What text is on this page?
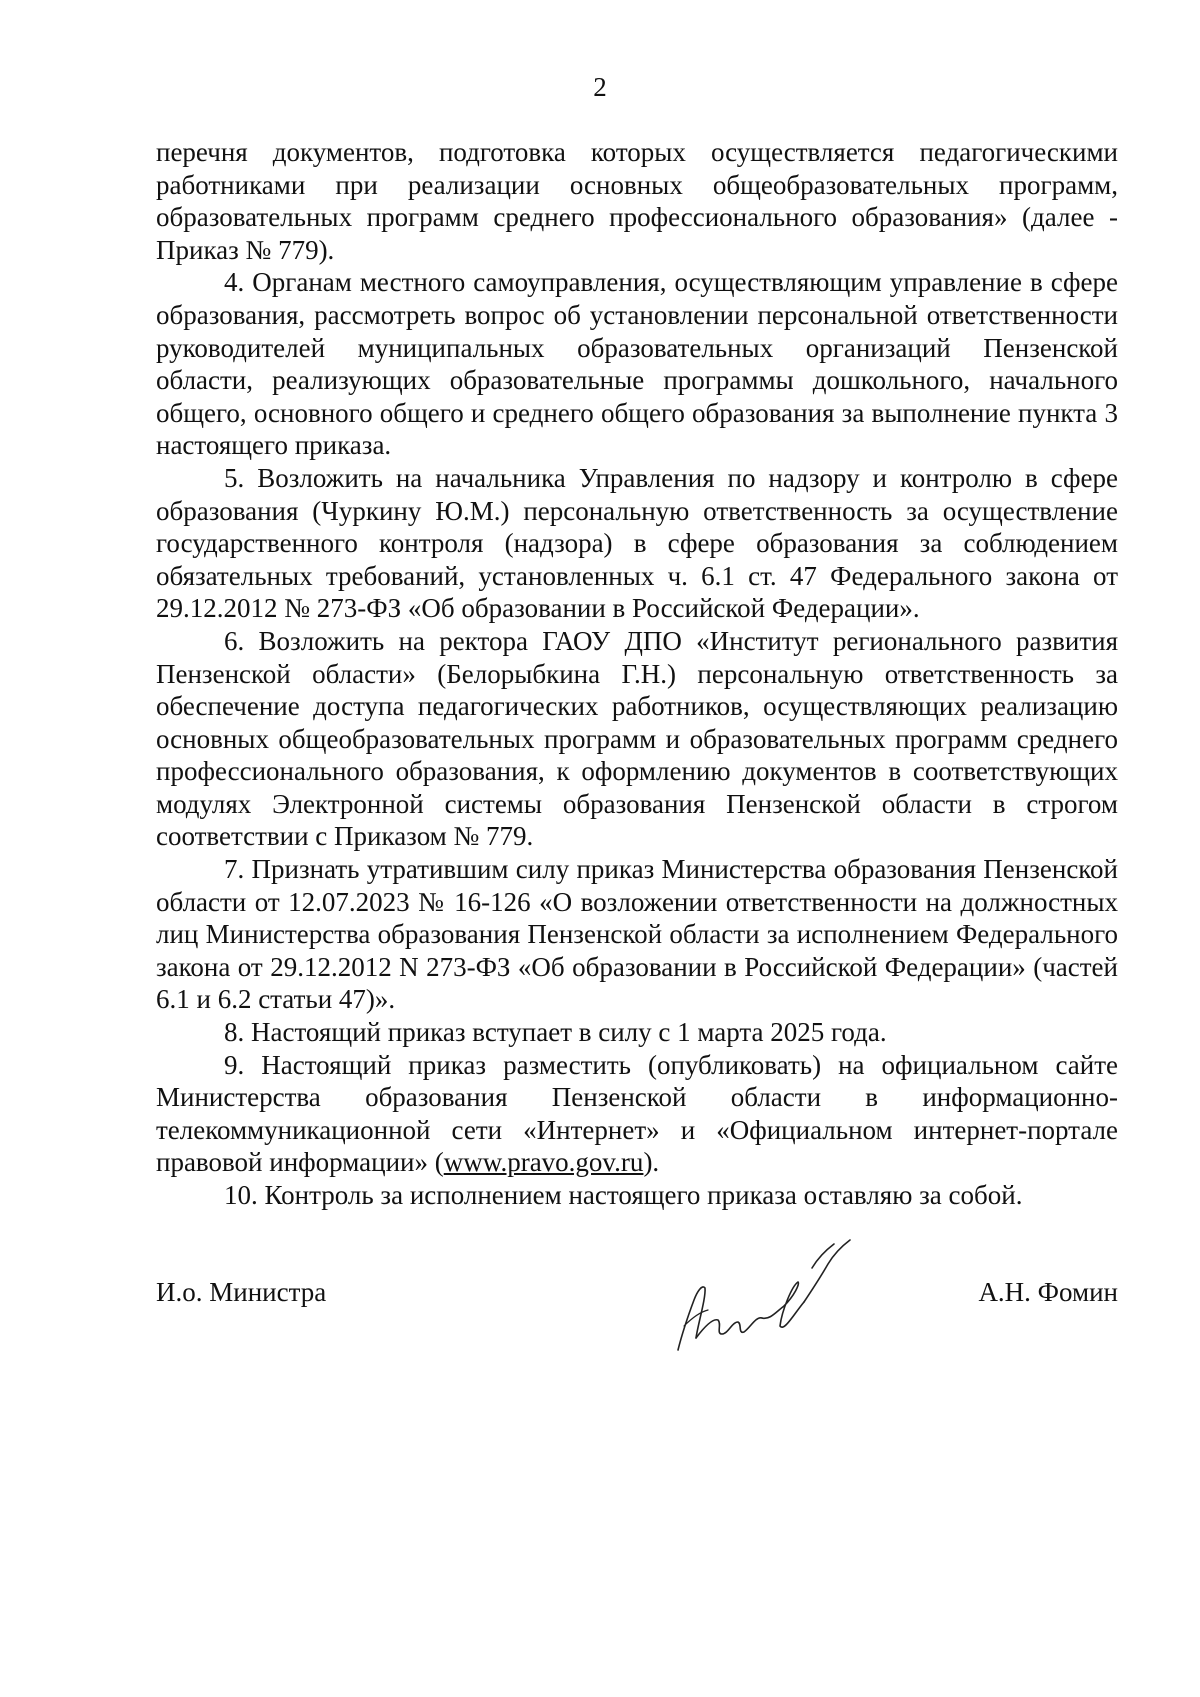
2

перечня документов, подготовка которых осуществляется педагогическими работниками при реализации основных общеобразовательных программ, образовательных программ среднего профессионального образования» (далее - Приказ № 779).

4. Органам местного самоуправления, осуществляющим управление в сфере образования, рассмотреть вопрос об установлении персональной ответственности руководителей муниципальных образовательных организаций Пензенской области, реализующих образовательные программы дошкольного, начального общего, основного общего и среднего общего образования за выполнение пункта 3 настоящего приказа.

5. Возложить на начальника Управления по надзору и контролю в сфере образования (Чуркину Ю.М.) персональную ответственность за осуществление государственного контроля (надзора) в сфере образования за соблюдением обязательных требований, установленных ч. 6.1 ст. 47 Федерального закона от 29.12.2012 № 273-ФЗ «Об образовании в Российской Федерации».

6. Возложить на ректора ГАОУ ДПО «Институт регионального развития Пензенской области» (Белорыбкина Г.Н.) персональную ответственность за обеспечение доступа педагогических работников, осуществляющих реализацию основных общеобразовательных программ и образовательных программ среднего профессионального образования, к оформлению документов в соответствующих модулях Электронной системы образования Пензенской области в строгом соответствии с Приказом № 779.

7. Признать утратившим силу приказ Министерства образования Пензенской области от 12.07.2023 № 16-126 «О возложении ответственности на должностных лиц Министерства образования Пензенской области за исполнением Федерального закона от 29.12.2012 N 273-ФЗ «Об образовании в Российской Федерации» (частей 6.1 и 6.2 статьи 47)».

8. Настоящий приказ вступает в силу с 1 марта 2025 года.

9. Настоящий приказ разместить (опубликовать) на официальном сайте Министерства образования Пензенской области в информационно-телекоммуникационной сети «Интернет» и «Официальном интернет-портале правовой информации» (www.pravo.gov.ru).

10. Контроль за исполнением настоящего приказа оставляю за собой.

И.о. Министра	А.Н. Фомин
